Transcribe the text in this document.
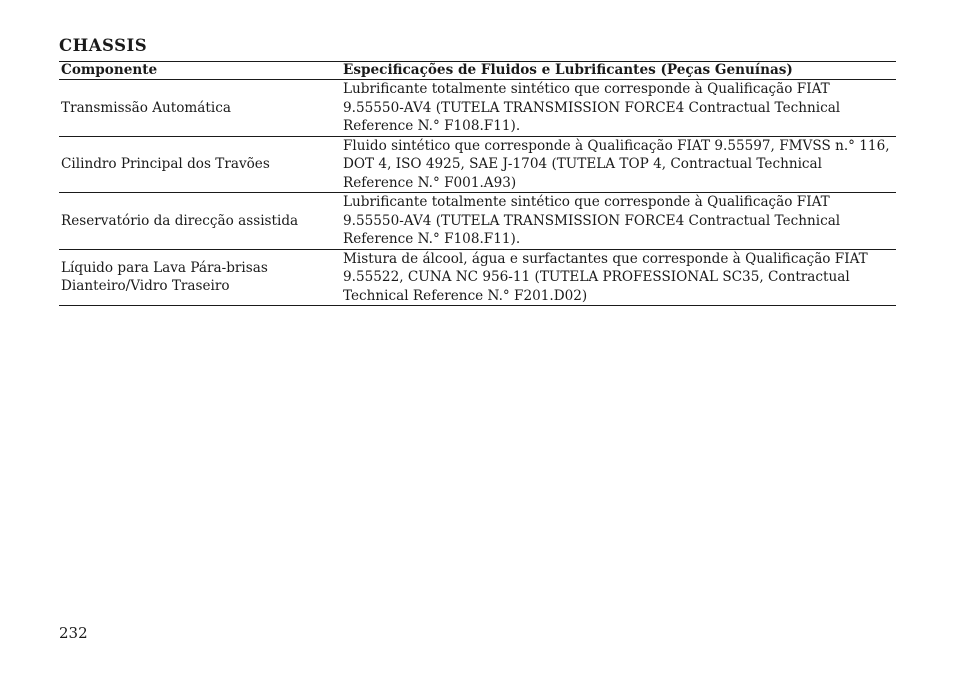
CHASSIS
Componente	Especificações de Fluidos e Lubrificantes (Peças Genuínas)
Transmissão Automática	Lubrificante totalmente sintético que corresponde à Qualificação FIAT 9.55550-AV4 (TUTELA TRANSMISSION FORCE4 Contractual Technical Reference N.° F108.F11).
Cilindro Principal dos Travões	Fluido sintético que corresponde à Qualificação FIAT 9.55597, FMVSS n.° 116, DOT 4, ISO 4925, SAE J-1704 (TUTELA TOP 4, Contractual Technical Reference N.° F001.A93)
Reservatório da direcção assistida	Lubrificante totalmente sintético que corresponde à Qualificação FIAT 9.55550-AV4 (TUTELA TRANSMISSION FORCE4 Contractual Technical Reference N.° F108.F11).
Líquido para Lava Pára-brisas Dianteiro/Vidro Traseiro	Mistura de álcool, água e surfactantes que corresponde à Qualificação FIAT 9.55522, CUNA NC 956-11 (TUTELA PROFESSIONAL SC35, Contractual Technical Reference N.° F201.D02)
232
